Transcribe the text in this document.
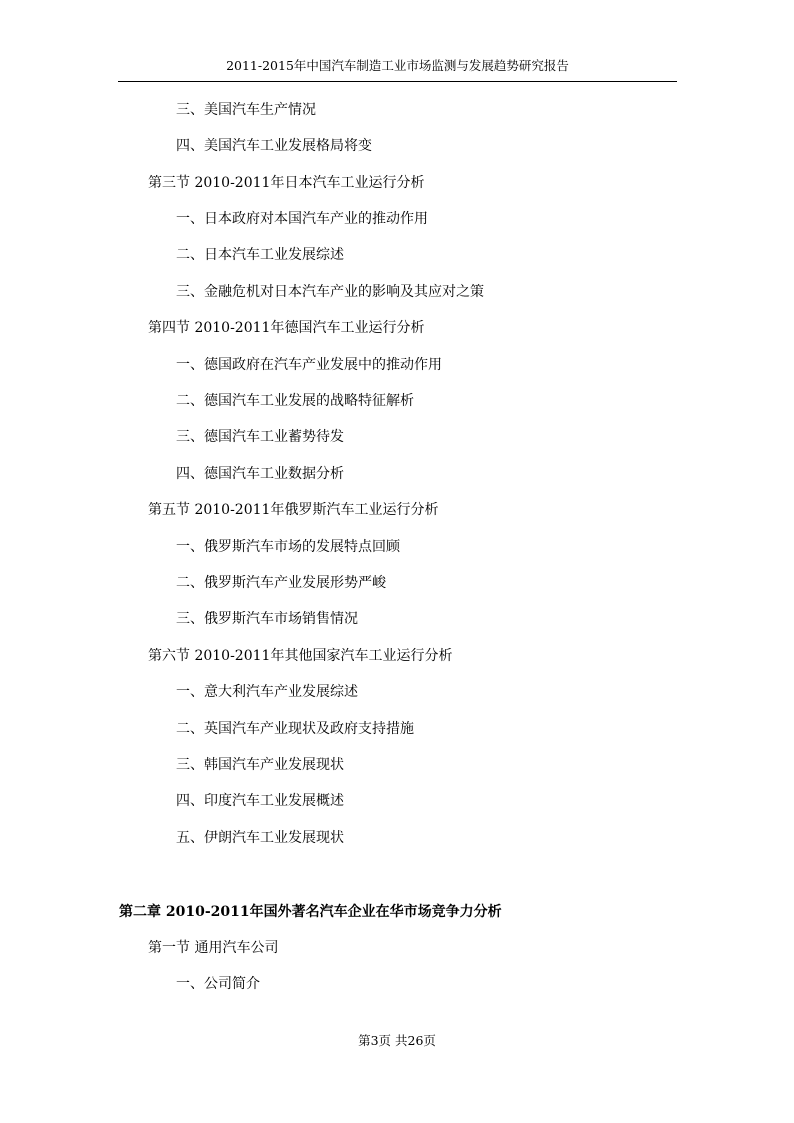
2011-2015年中国汽车制造工业市场监测与发展趋势研究报告
三、美国汽车生产情况
四、美国汽车工业发展格局将变
第三节 2010-2011年日本汽车工业运行分析
一、日本政府对本国汽车产业的推动作用
二、日本汽车工业发展综述
三、金融危机对日本汽车产业的影响及其应对之策
第四节 2010-2011年德国汽车工业运行分析
一、德国政府在汽车产业发展中的推动作用
二、德国汽车工业发展的战略特征解析
三、德国汽车工业蓄势待发
四、德国汽车工业数据分析
第五节 2010-2011年俄罗斯汽车工业运行分析
一、俄罗斯汽车市场的发展特点回顾
二、俄罗斯汽车产业发展形势严峻
三、俄罗斯汽车市场销售情况
第六节 2010-2011年其他国家汽车工业运行分析
一、意大利汽车产业发展综述
二、英国汽车产业现状及政府支持措施
三、韩国汽车产业发展现状
四、印度汽车工业发展概述
五、伊朗汽车工业发展现状
第二章 2010-2011年国外著名汽车企业在华市场竞争力分析
第一节 通用汽车公司
一、公司简介
第3页 共26页
